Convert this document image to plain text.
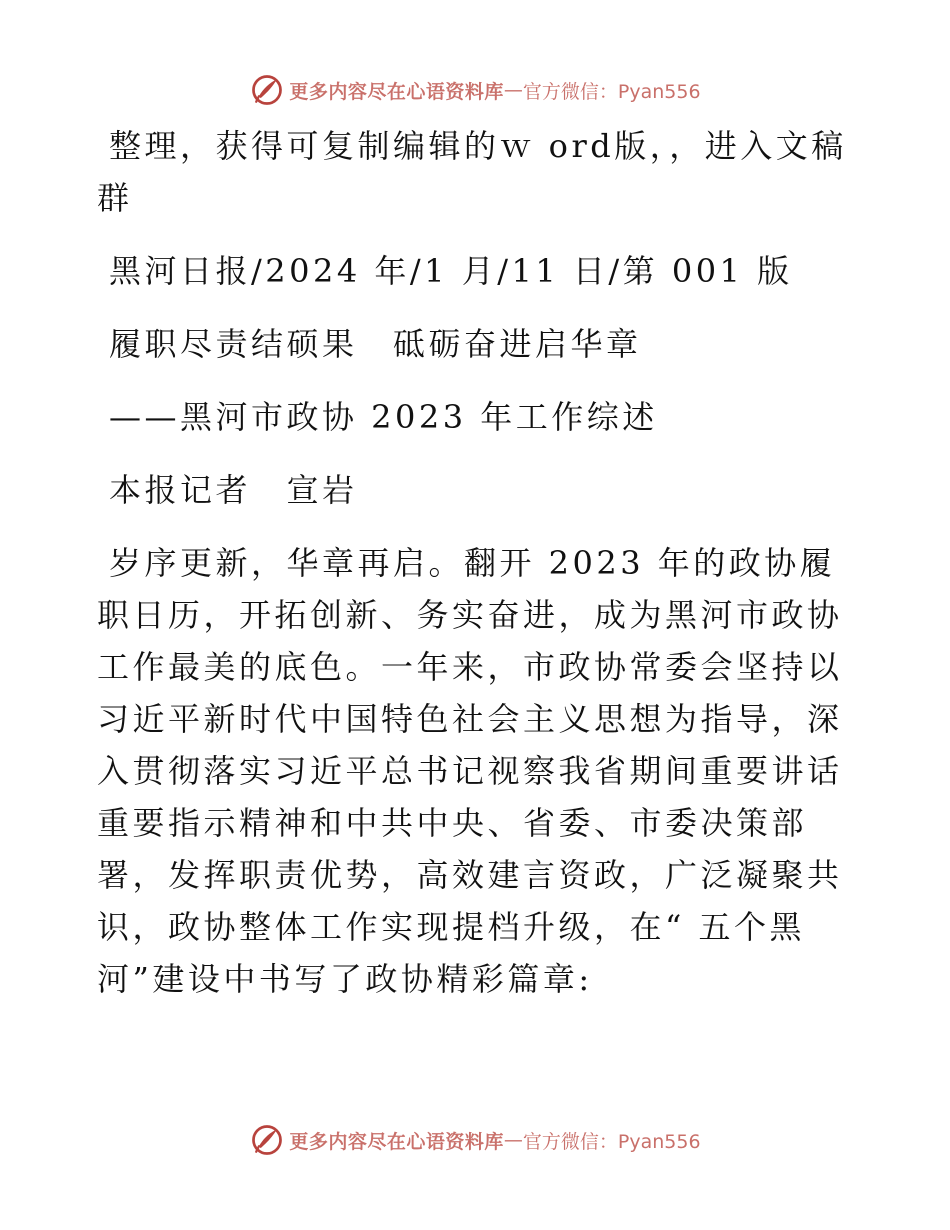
更多内容尽在心语资料库 — 官方微信：Pyan556

整理，获得可复制编辑的ｗ ord版，，进入文稿群

黑河日报/2024 年/1 月/11 日/第 001 版

履职尽责结硕果　砥砺奋进启华章

——黑河市政协 2023 年工作综述

本报记者　宣岩

岁序更新，华章再启。翻开 2023 年的政协履职日历，开拓创新、务实奋进，成为黑河市政协工作最美的底色。一年来，市政协常委会坚持以习近平新时代中国特色社会主义思想为指导，深入贯彻落实习近平总书记视察我省期间重要讲话重要指示精神和中共中央、省委、市委决策部署，发挥职责优势，高效建言资政，广泛凝聚共识，政协整体工作实现提档升级，在“ 五个黑河”建设中书写了政协精彩篇章:

更多内容尽在心语资料库 — 官方微信：Pyan556
